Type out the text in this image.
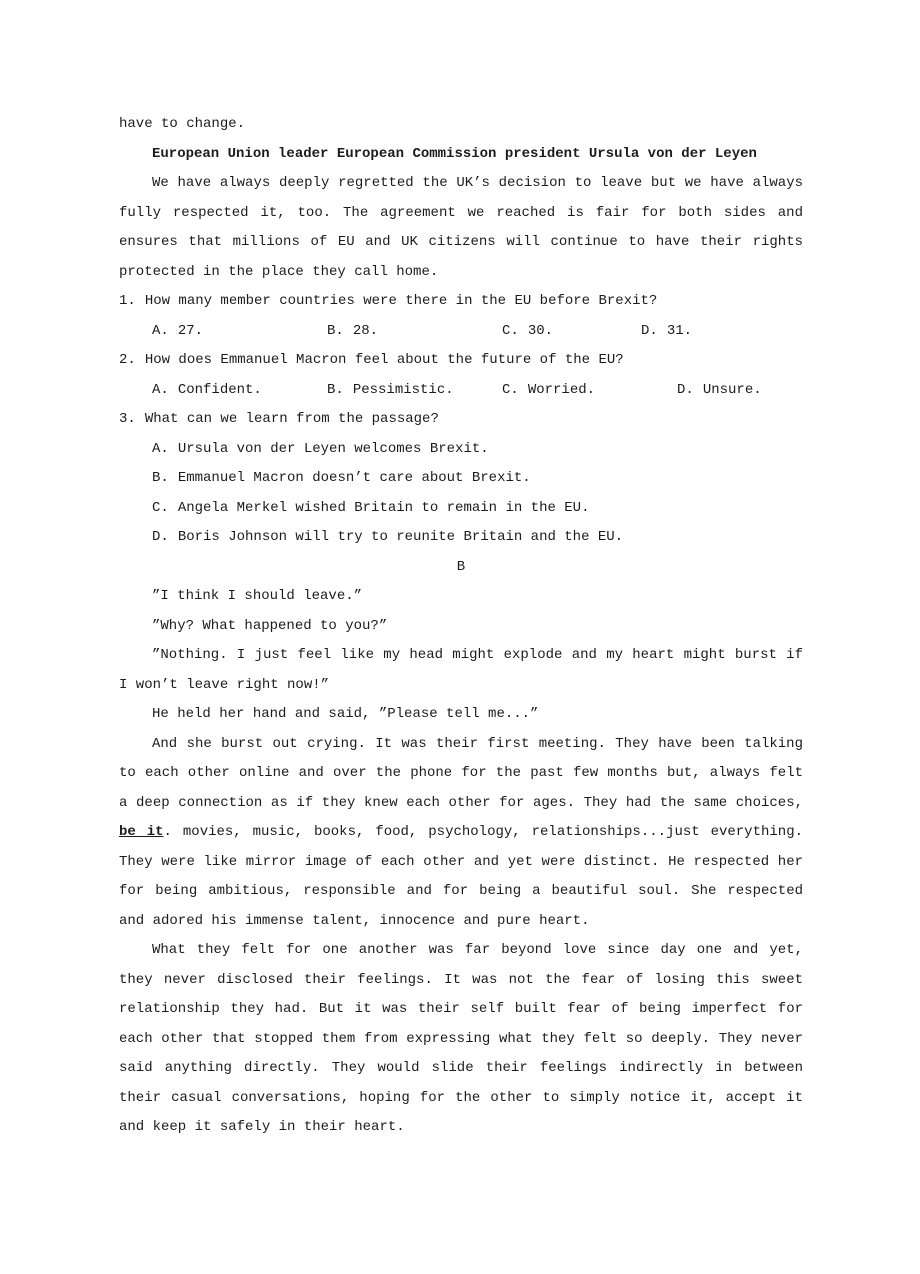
have to change.

European Union leader European Commission president Ursula von der Leyen

We have always deeply regretted the UK’s decision to leave but we have always fully respected it, too. The agreement we reached is fair for both sides and ensures that millions of EU and UK citizens will continue to have their rights protected in the place they call home.

1. How many member countries were there in the EU before Brexit?

A. 27.	B. 28.	C. 30.	D. 31.

2. How does Emmanuel Macron feel about the future of the EU?

A. Confident.	B. Pessimistic.	C. Worried.	D. Unsure.

3. What can we learn from the passage?

A. Ursula von der Leyen welcomes Brexit.

B. Emmanuel Macron doesn’t care about Brexit.

C. Angela Merkel wished Britain to remain in the EU.

D. Boris Johnson will try to reunite Britain and the EU.

B

”I think I should leave.”

”Why? What happened to you?”

”Nothing. I just feel like my head might explode and my heart might burst if I won’t leave right now!”

He held her hand and said, ”Please tell me...”

And she burst out crying. It was their first meeting. They have been talking to each other online and over the phone for the past few months but, always felt a deep connection as if they knew each other for ages. They had the same choices, be it. movies, music, books, food, psychology, relationships...just everything. They were like mirror image of each other and yet were distinct. He respected her for being ambitious, responsible and for being a beautiful soul. She respected and adored his immense talent, innocence and pure heart.

What they felt for one another was far beyond love since day one and yet, they never disclosed their feelings. It was not the fear of losing this sweet relationship they had. But it was their self built fear of being imperfect for each other that stopped them from expressing what they felt so deeply. They never said anything directly. They would slide their feelings indirectly in between their casual conversations, hoping for the other to simply notice it, accept it and keep it safely in their heart.
